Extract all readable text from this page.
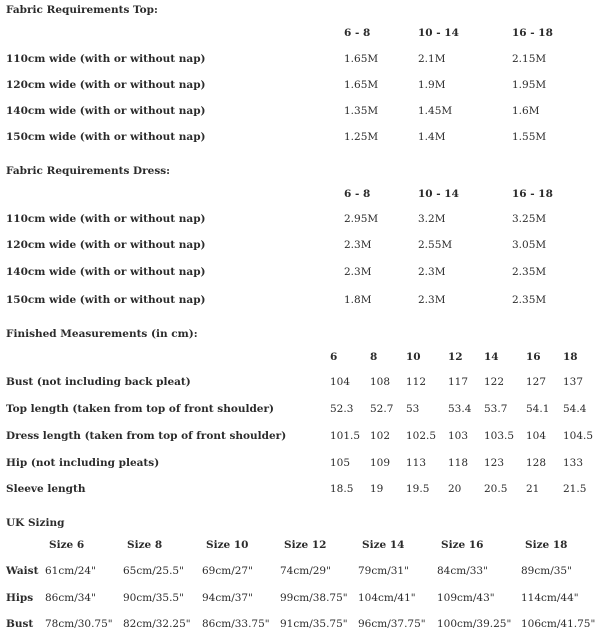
Fabric Requirements Top:
6 - 8	10 - 14	16 - 18
110cm wide (with or without nap)	1.65M	2.1M	2.15M
120cm wide (with or without nap)	1.65M	1.9M	1.95M
140cm wide (with or without nap)	1.35M	1.45M	1.6M
150cm wide (with or without nap)	1.25M	1.4M	1.55M
Fabric Requirements Dress:
6 - 8	10 - 14	16 - 18
110cm wide (with or without nap)	2.95M	3.2M	3.25M
120cm wide (with or without nap)	2.3M	2.55M	3.05M
140cm wide (with or without nap)	2.3M	2.3M	2.35M
150cm wide (with or without nap)	1.8M	2.3M	2.35M
Finished Measurements (in cm):
6	8	10	12 14	16 18
Bust (not including back pleat)	104 108 112 117 122 127 137
Top length (taken from top of front shoulder)	52.3 52.7 53	53.4 53.7 54.1 54.4
Dress length (taken from top of front shoulder)	101.5 102 102.5 103 103.5 104 104.5
Hip (not including pleats)	105 109 113 118 123 128 133
Sleeve length	18.5 19 19.5 20 20.5 21 21.5
UK Sizing
Size 6	Size 8	Size 10	Size 12	Size 14	Size 16	Size 18
Waist 61cm/24"	65cm/25.5" 69cm/27"	74cm/29"	79cm/31"	84cm/33"	89cm/35"
Hips 86cm/34"	90cm/35.5" 94cm/37"	99cm/38.75" 104cm/41" 109cm/43"	114cm/44"
Bust 78cm/30.75" 82cm/32.25" 86cm/33.75" 91cm/35.75" 96cm/37.75" 100cm/39.25" 106cm/41.75"
